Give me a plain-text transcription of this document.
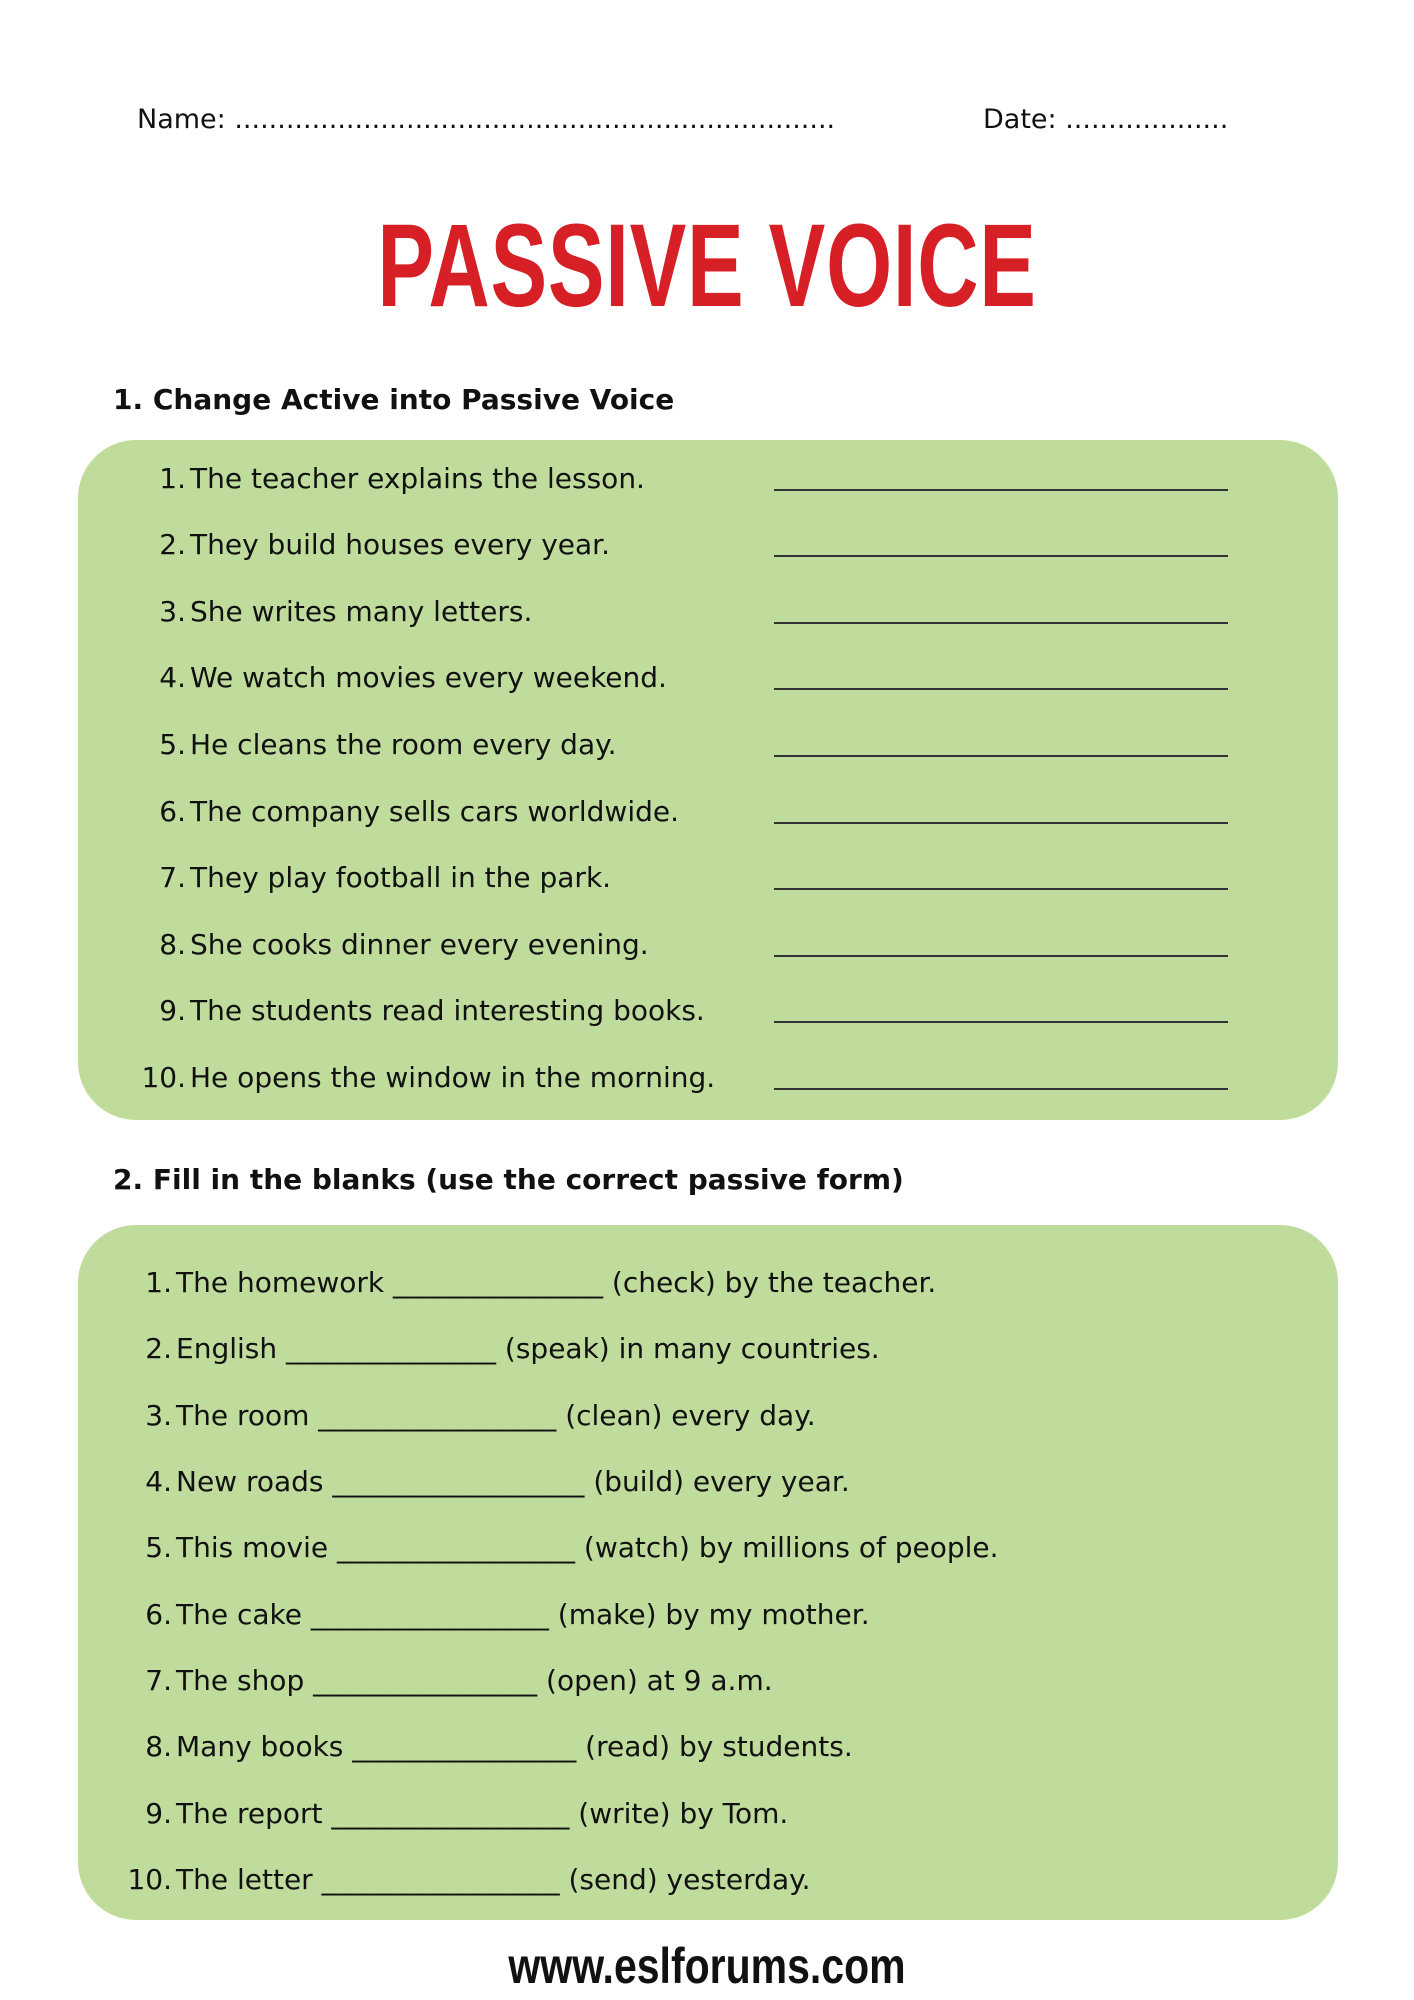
Name: ......................................................................	Date: ...................
PASSIVE VOICE
1. Change Active into Passive Voice
1. The teacher explains the lesson.
2. They build houses every year.
3. She writes many letters.
4. We watch movies every weekend.
5. He cleans the room every day.
6. The company sells cars worldwide.
7. They play football in the park.
8. She cooks dinner every evening.
9. The students read interesting books.
10. He opens the window in the morning.
2. Fill in the blanks (use the correct passive form)
1. The homework _______________ (check) by the teacher.
2. English _______________ (speak) in many countries.
3. The room _________________ (clean) every day.
4. New roads __________________ (build) every year.
5. This movie _________________ (watch) by millions of people.
6. The cake _________________ (make) by my mother.
7. The shop ________________ (open) at 9 a.m.
8. Many books ________________ (read) by students.
9. The report _________________ (write) by Tom.
10. The letter _________________ (send) yesterday.
www.eslforums.com
